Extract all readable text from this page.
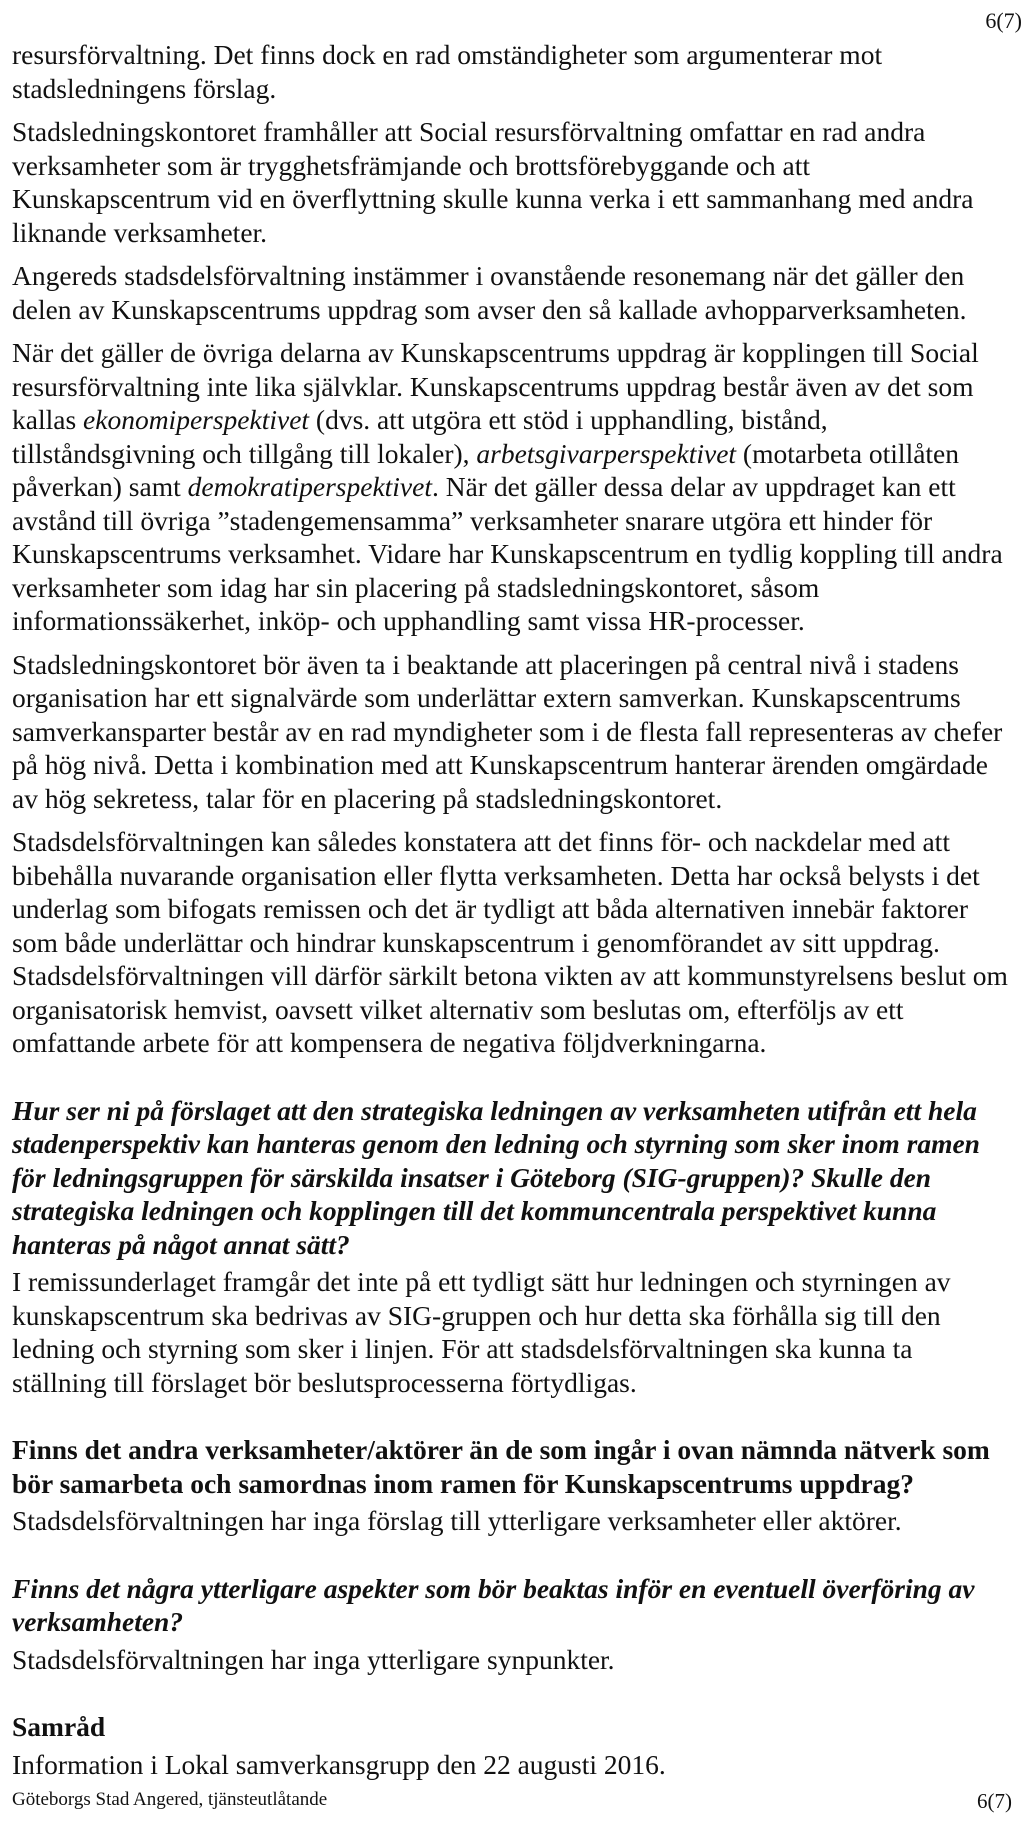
6(7)

resursförvaltning. Det finns dock en rad omständigheter som argumenterar mot stadsledningens förslag.

Stadsledningskontoret framhåller att Social resursförvaltning omfattar en rad andra verksamheter som är trygghetsfrämjande och brottsförebyggande och att Kunskapscentrum vid en överflyttning skulle kunna verka i ett sammanhang med andra liknande verksamheter.

Angereds stadsdelsförvaltning instämmer i ovanstående resonemang när det gäller den delen av Kunskapscentrums uppdrag som avser den så kallade avhopparverksamheten.

När det gäller de övriga delarna av Kunskapscentrums uppdrag är kopplingen till Social resursförvaltning inte lika självklar. Kunskapscentrums uppdrag består även av det som kallas ekonomiperspektivet (dvs. att utgöra ett stöd i upphandling, bistånd, tillståndsgivning och tillgång till lokaler), arbetsgivarperspektivet (motarbeta otillåten påverkan) samt demokratiperspektivet. När det gäller dessa delar av uppdraget kan ett avstånd till övriga ”stadengemensamma” verksamheter snarare utgöra ett hinder för Kunskapscentrums verksamhet. Vidare har Kunskapscentrum en tydlig koppling till andra verksamheter som idag har sin placering på stadsledningskontoret, såsom informationssäkerhet, inköp- och upphandling samt vissa HR-processer.

Stadsledningskontoret bör även ta i beaktande att placeringen på central nivå i stadens organisation har ett signalvärde som underlättar extern samverkan. Kunskapscentrums samverkansparter består av en rad myndigheter som i de flesta fall representeras av chefer på hög nivå. Detta i kombination med att Kunskapscentrum hanterar ärenden omgärdade av hög sekretess, talar för en placering på stadsledningskontoret.

Stadsdelsförvaltningen kan således konstatera att det finns för- och nackdelar med att bibehålla nuvarande organisation eller flytta verksamheten. Detta har också belysts i det underlag som bifogats remissen och det är tydligt att båda alternativen innebär faktorer som både underlättar och hindrar kunskapscentrum i genomförandet av sitt uppdrag. Stadsdelsförvaltningen vill därför särkilt betona vikten av att kommunstyrelsens beslut om organisatorisk hemvist, oavsett vilket alternativ som beslutas om, efterföljs av ett omfattande arbete för att kompensera de negativa följdverkningarna.

Hur ser ni på förslaget att den strategiska ledningen av verksamheten utifrån ett hela stadenperspektiv kan hanteras genom den ledning och styrning som sker inom ramen för ledningsgruppen för särskilda insatser i Göteborg (SIG-gruppen)? Skulle den strategiska ledningen och kopplingen till det kommuncentrala perspektivet kunna hanteras på något annat sätt?

I remissunderlaget framgår det inte på ett tydligt sätt hur ledningen och styrningen av kunskapscentrum ska bedrivas av SIG-gruppen och hur detta ska förhålla sig till den ledning och styrning som sker i linjen. För att stadsdelsförvaltningen ska kunna ta ställning till förslaget bör beslutsprocesserna förtydligas.

Finns det andra verksamheter/aktörer än de som ingår i ovan nämnda nätverk som bör samarbeta och samordnas inom ramen för Kunskapscentrums uppdrag?

Stadsdelsförvaltningen har inga förslag till ytterligare verksamheter eller aktörer.

Finns det några ytterligare aspekter som bör beaktas inför en eventuell överföring av verksamheten?

Stadsdelsförvaltningen har inga ytterligare synpunkter.

Samråd

Information i Lokal samverkansgrupp den 22 augusti 2016.

Göteborgs Stad Angered, tjänsteutlåtande	6(7)
